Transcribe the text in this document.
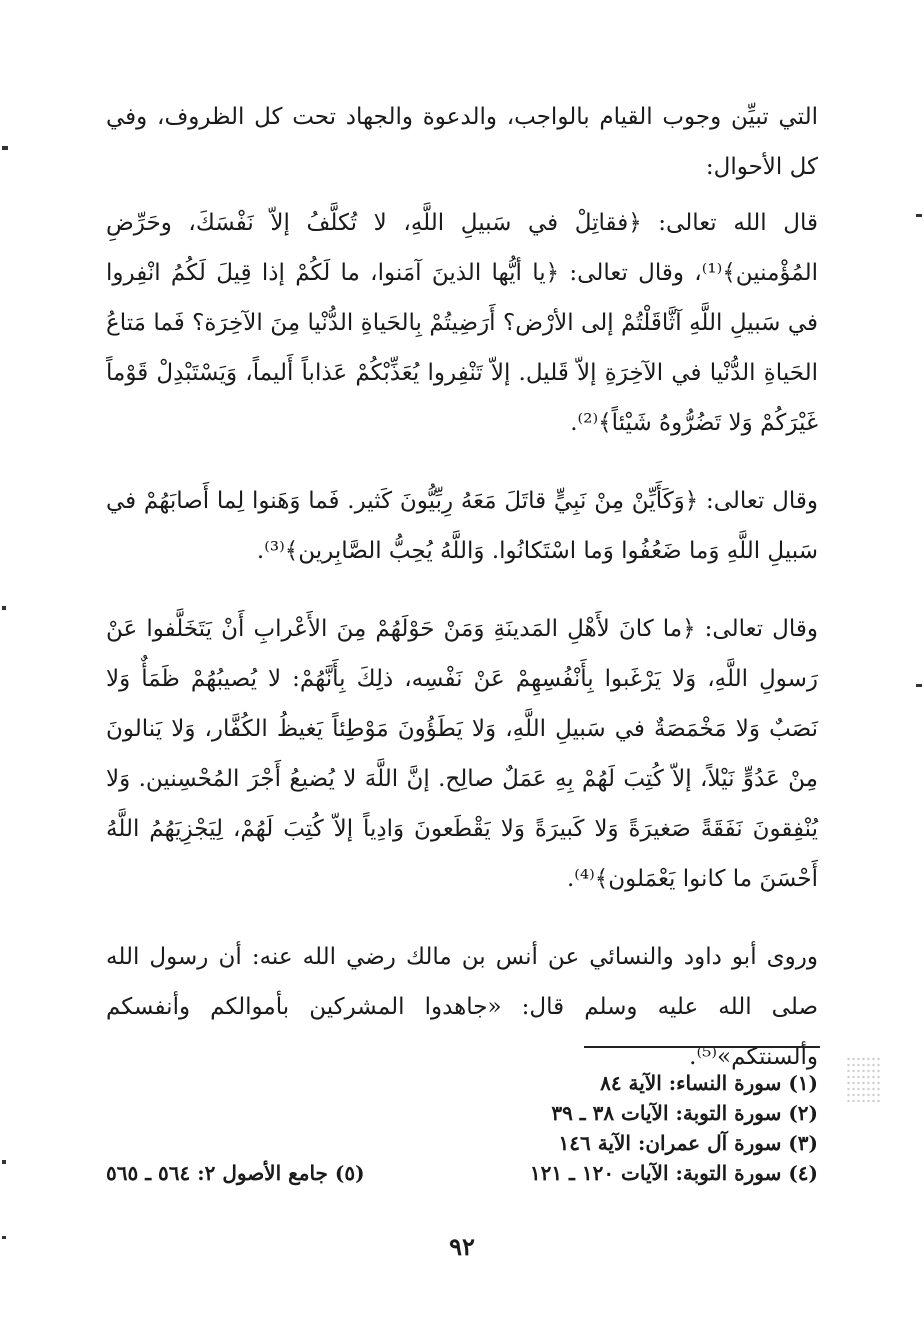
التي تبيِّن وجوب القيام بالواجب، والدعوة والجهاد تحت كل الظروف، وفي كل الأحوال:

قال الله تعالى: ﴿فقاتِلْ في سَبيلِ اللَّهِ، لا تُكلَّفُ إلاّ نَفْسَكَ، وحَرِّضِ المُؤْمنين﴾⁽¹⁾، وقال تعالى: ﴿يا أيُّها الذينَ آمَنوا، ما لَكُمْ إذا قِيلَ لَكُمُ انْفِروا في سَبيلِ اللَّهِ آثَّاقَلْتُمْ إلى الأرْض؟ أَرَضِيتُمْ بِالحَياةِ الدُّنْيا مِنَ الآخِرَة؟ فَما مَتاعُ الحَياةِ الدُّنْيا في الآخِرَةِ إلاّ قَليل. إلاّ تَنْفِروا يُعَذِّبْكُمْ عَذاباً أَليماً، وَيَسْتَبْدِلْ قَوْماً غَيْرَكُمْ وَلا تَضُرُّوهُ شَيْئاً﴾⁽²⁾.

وقال تعالى: ﴿وَكَأَيِّنْ مِنْ نَبِيٍّ قاتَلَ مَعَهُ رِبِّيُّونَ كَثير. فَما وَهَنوا لِما أَصابَهُمْ في سَبيلِ اللَّهِ وَما ضَعُفُوا وَما اسْتَكانُوا. وَاللَّهُ يُحِبُّ الصَّابِرين﴾⁽³⁾.

وقال تعالى: ﴿ما كانَ لأَهْلِ المَدينَةِ وَمَنْ حَوْلَهُمْ مِنَ الأَعْرابِ أَنْ يَتَخَلَّفوا عَنْ رَسولِ اللَّهِ، وَلا يَرْغَبوا بِأَنْفُسِهِمْ عَنْ نَفْسِه، ذلِكَ بِأَنَّهُمْ: لا يُصيبُهُمْ ظَمَأٌ وَلا نَصَبٌ وَلا مَخْمَصَةٌ في سَبيلِ اللَّهِ، وَلا يَطَؤُونَ مَوْطِئاً يَغيظُ الكُفَّار، وَلا يَنالونَ مِنْ عَدُوٍّ نَيْلاً، إلاّ كُتِبَ لَهُمْ بِهِ عَمَلٌ صالِح. إنَّ اللَّهَ لا يُضيعُ أَجْرَ المُحْسِنين. وَلا يُنْفِقونَ نَفَقَةً صَغيرَةً وَلا كَبيرَةً وَلا يَقْطَعونَ وَادِياً إلاّ كُتِبَ لَهُمْ، لِيَجْزِيَهُمُ اللَّهُ أَحْسَنَ ما كانوا يَعْمَلون﴾⁽⁴⁾.

وروى أبو داود والنسائي عن أنس بن مالك رضي الله عنه: أن رسول الله صلى الله عليه وسلم قال: «جاهدوا المشركين بأموالكم وأنفسكم وألسنتكم»⁽⁵⁾.

(١) سورة النساء: الآية ٨٤
(٢) سورة التوبة: الآيات ٣٨ ـ ٣٩
(٣) سورة آل عمران: الآية ١٤٦
(٤) سورة التوبة: الآيات ١٢٠ ـ ١٢١
(٥) جامع الأصول ٢: ٥٦٤ ـ ٥٦٥
٩٢
